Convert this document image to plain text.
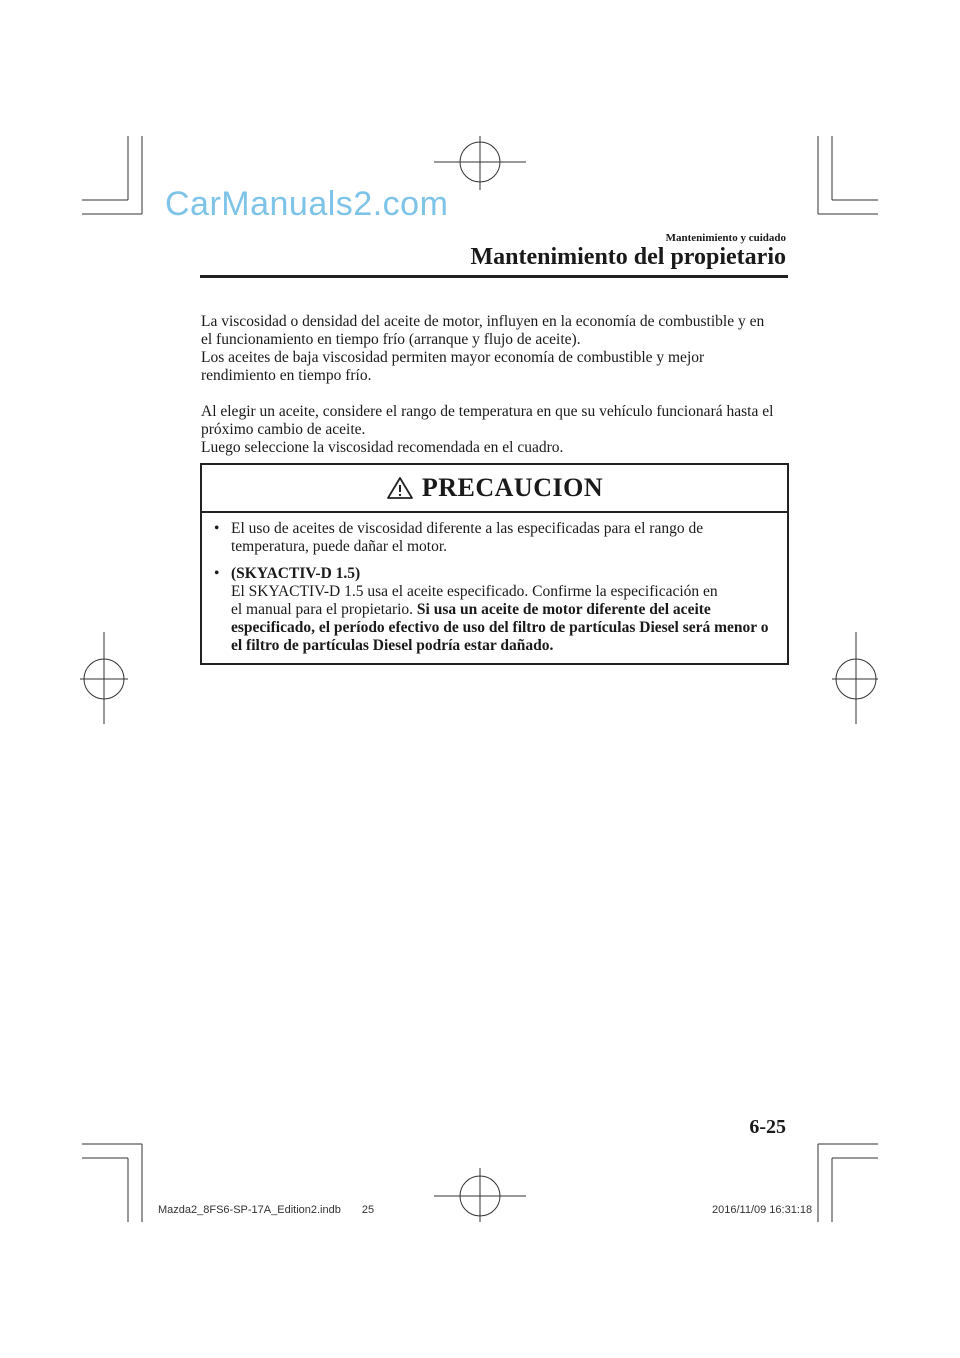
CarManuals2.com
Mantenimiento y cuidado
Mantenimiento del propietario

La viscosidad o densidad del aceite de motor, influyen en la economía de combustible y en

el funcionamiento en tiempo frío (arranque y flujo de aceite).

Los aceites de baja viscosidad permiten mayor economía de combustible y mejor

rendimiento en tiempo frío.

Al elegir un aceite, considere el rango de temperatura en que su vehículo funcionará hasta el

próximo cambio de aceite.

Luego seleccione la viscosidad recomendada en el cuadro.

PRECAUCION
• El uso de aceites de viscosidad diferente a las especificadas para el rango de
temperatura, puede dañar el motor.
• (SKYACTIV-D 1.5)
El SKYACTIV-D 1.5 usa el aceite especificado. Confirme la especificación en
el manual para el propietario. Si usa un aceite de motor diferente del aceite
especificado, el período efectivo de uso del filtro de partículas Diesel será menor o
el filtro de partículas Diesel podría estar dañado.
6-25
Mazda2_8FS6-SP-17A_Edition2.indb 25	2016/11/09 16:31:18
